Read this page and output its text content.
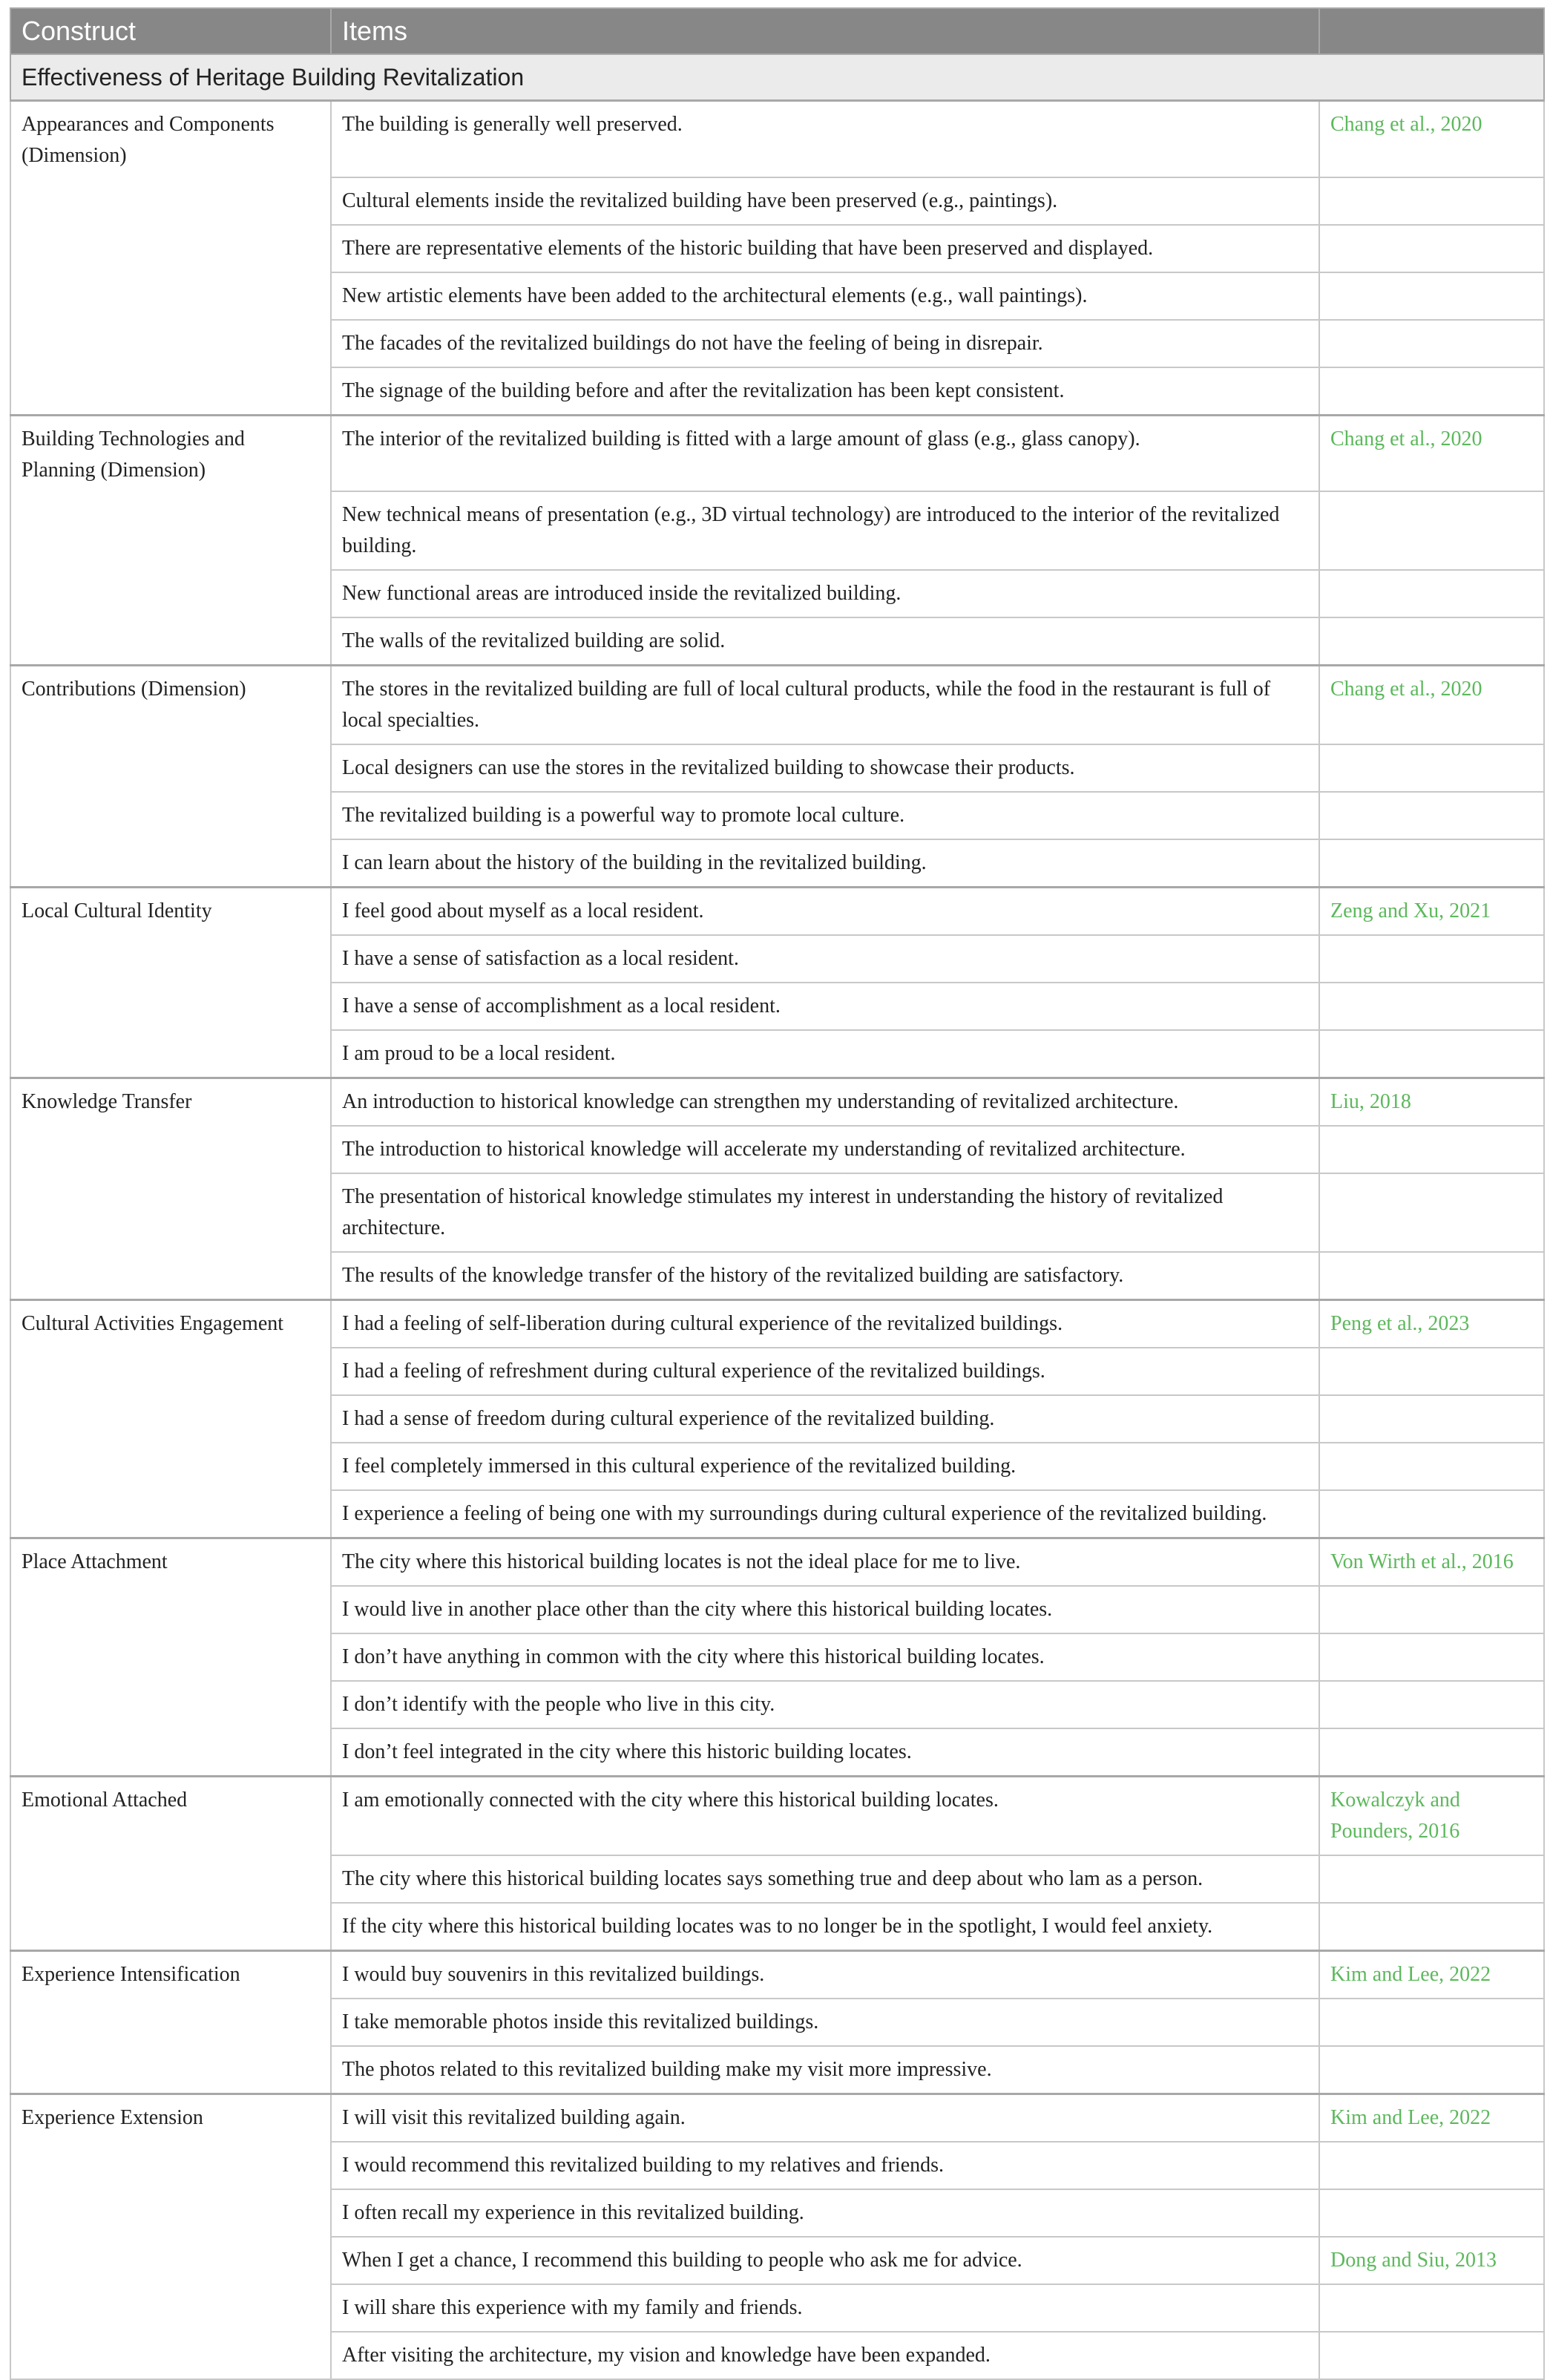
Construct	Items	
Effectiveness of Heritage Building Revitalization		
Appearances and Components (Dimension)	The building is generally well preserved.	Chang et al., 2020
	Cultural elements inside the revitalized building have been preserved (e.g., paintings).	
	There are representative elements of the historic building that have been preserved and displayed.	
	New artistic elements have been added to the architectural elements (e.g., wall paintings).	
	The facades of the revitalized buildings do not have the feeling of being in disrepair.	
	The signage of the building before and after the revitalization has been kept consistent.	
Building Technologies and Planning (Dimension)	The interior of the revitalized building is fitted with a large amount of glass (e.g., glass canopy).	Chang et al., 2020
	New technical means of presentation (e.g., 3D virtual technology) are introduced to the interior of the revitalized building.	
	New functional areas are introduced inside the revitalized building.	
	The walls of the revitalized building are solid.	
Contributions (Dimension)	The stores in the revitalized building are full of local cultural products, while the food in the restaurant is full of local specialties.	Chang et al., 2020
	Local designers can use the stores in the revitalized building to showcase their products.	
	The revitalized building is a powerful way to promote local culture.	
	I can learn about the history of the building in the revitalized building.	
Local Cultural Identity	I feel good about myself as a local resident.	Zeng and Xu, 2021
	I have a sense of satisfaction as a local resident.	
	I have a sense of accomplishment as a local resident.	
	I am proud to be a local resident.	
Knowledge Transfer	An introduction to historical knowledge can strengthen my understanding of revitalized architecture.	Liu, 2018
	The introduction to historical knowledge will accelerate my understanding of revitalized architecture.	
	The presentation of historical knowledge stimulates my interest in understanding the history of revitalized architecture.	
	The results of the knowledge transfer of the history of the revitalized building are satisfactory.	
Cultural Activities Engagement	I had a feeling of self-liberation during cultural experience of the revitalized buildings.	Peng et al., 2023
	I had a feeling of refreshment during cultural experience of the revitalized buildings.	
	I had a sense of freedom during cultural experience of the revitalized building.	
	I feel completely immersed in this cultural experience of the revitalized building.	
	I experience a feeling of being one with my surroundings during cultural experience of the revitalized building.	
Place Attachment	The city where this historical building locates is not the ideal place for me to live.	Von Wirth et al., 2016
	I would live in another place other than the city where this historical building locates.	
	I don’t have anything in common with the city where this historical building locates.	
	I don’t identify with the people who live in this city.	
	I don’t feel integrated in the city where this historic building locates.	
Emotional Attached	I am emotionally connected with the city where this historical building locates.	Kowalczyk and Pounders, 2016
	The city where this historical building locates says something true and deep about who lam as a person.	
	If the city where this historical building locates was to no longer be in the spotlight, I would feel anxiety.	
Experience Intensification	I would buy souvenirs in this revitalized buildings.	Kim and Lee, 2022
	I take memorable photos inside this revitalized buildings.	
	The photos related to this revitalized building make my visit more impressive.	
Experience Extension	I will visit this revitalized building again.	Kim and Lee, 2022
	I would recommend this revitalized building to my relatives and friends.	
	I often recall my experience in this revitalized building.	
	When I get a chance, I recommend this building to people who ask me for advice.	Dong and Siu, 2013
	I will share this experience with my family and friends.	
	After visiting the architecture, my vision and knowledge have been expanded.	
